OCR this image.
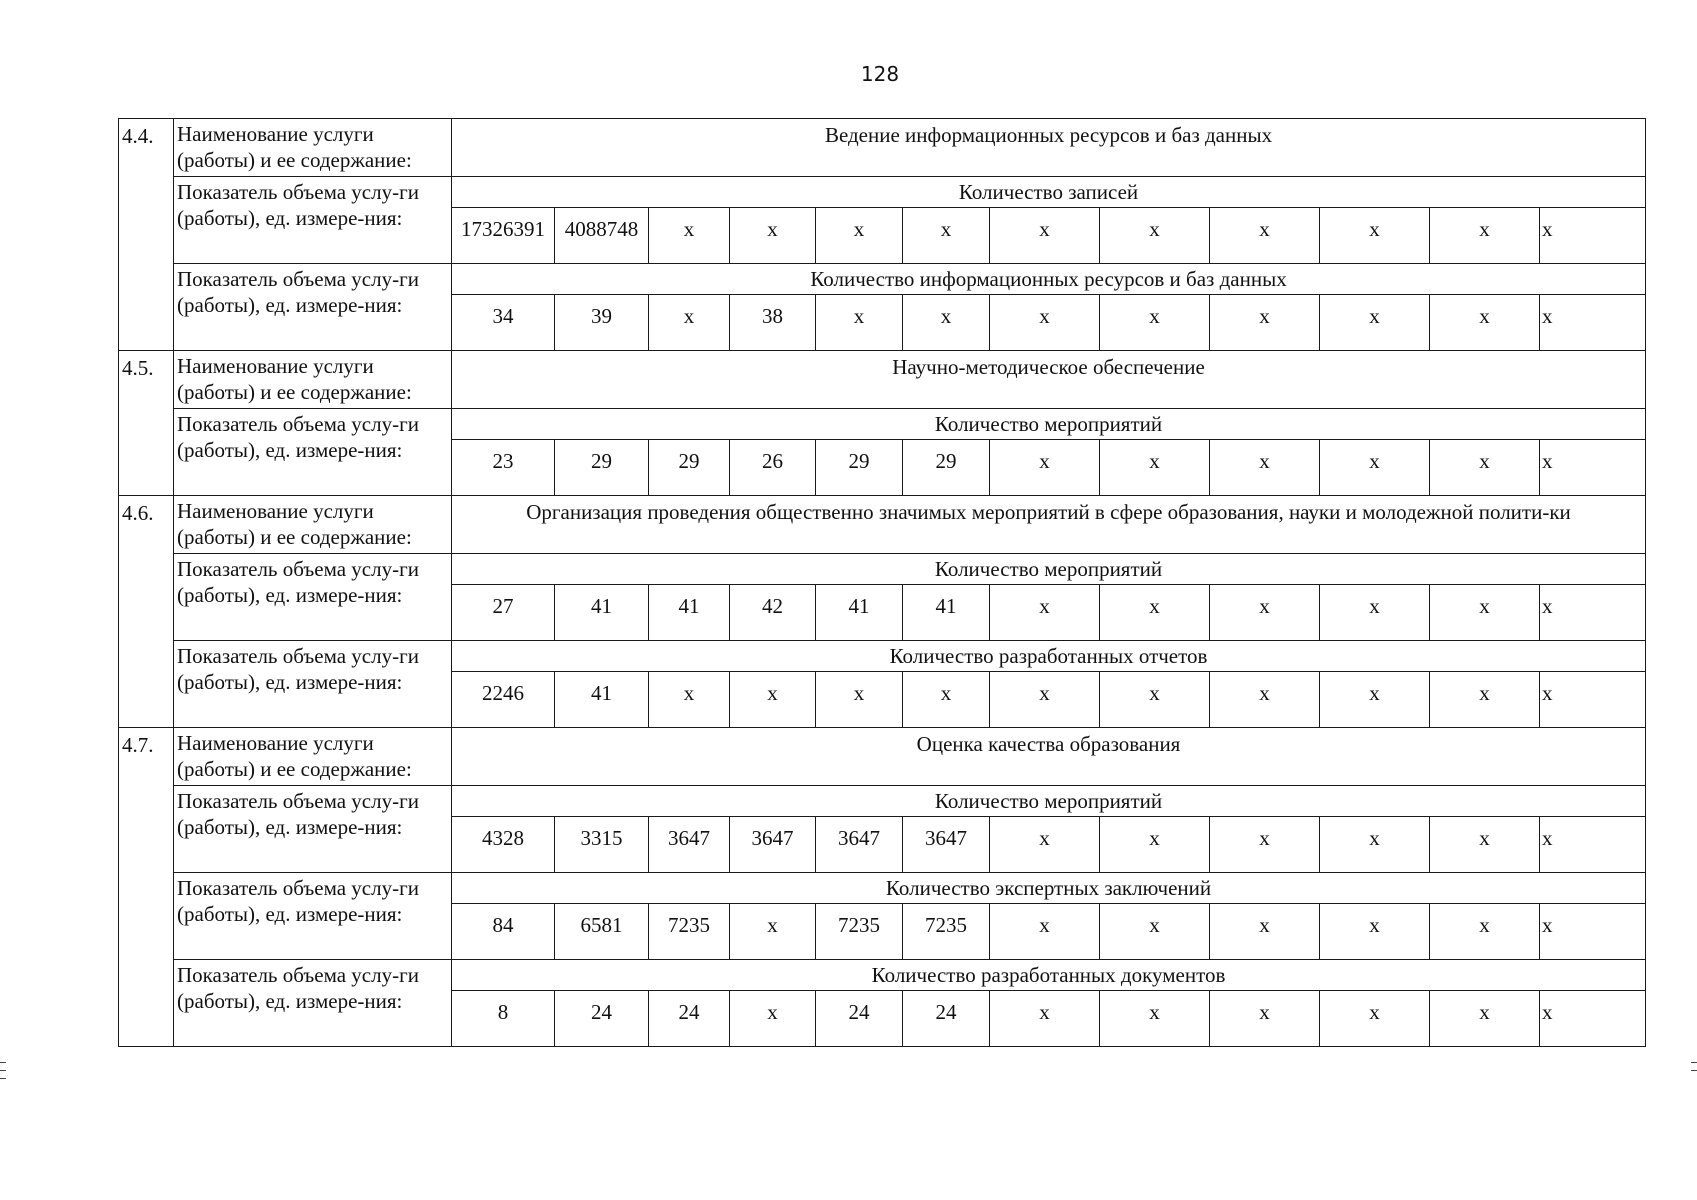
128
4.4.	Наименование услуги (работы) и ее содержание:	Ведение информационных ресурсов и баз данных											
	Показатель объема услу-ги (работы), ед. измере-ния:	Количество записей											
		17326391	4088748	x	x	x	x	x	x	x	x	x	x
	Показатель объема услу-ги (работы), ед. измере-ния:	Количество информационных ресурсов и баз данных											
		34	39	x	38	x	x	x	x	x	x	x	x
4.5.	Наименование услуги (работы) и ее содержание:	Научно-методическое обеспечение											
	Показатель объема услу-ги (работы), ед. измере-ния:	Количество мероприятий											
		23	29	29	26	29	29	x	x	x	x	x	x
4.6.	Наименование услуги (работы) и ее содержание:	Организация проведения общественно значимых мероприятий в сфере образования, науки и молодежной полити-ки											
	Показатель объема услу-ги (работы), ед. измере-ния:	Количество мероприятий											
		27	41	41	42	41	41	x	x	x	x	x	x
	Показатель объема услу-ги (работы), ед. измере-ния:	Количество разработанных отчетов											
		2246	41	x	x	x	x	x	x	x	x	x	x
4.7.	Наименование услуги (работы) и ее содержание:	Оценка качества образования											
	Показатель объема услу-ги (работы), ед. измере-ния:	Количество мероприятий											
		4328	3315	3647	3647	3647	3647	x	x	x	x	x	x
	Показатель объема услу-ги (работы), ед. измере-ния:	Количество экспертных заключений											
		84	6581	7235	x	7235	7235	x	x	x	x	x	x
	Показатель объема услу-ги (работы), ед. измере-ния:	Количество разработанных документов											
		8	24	24	x	24	24	x	x	x	x	x	x
